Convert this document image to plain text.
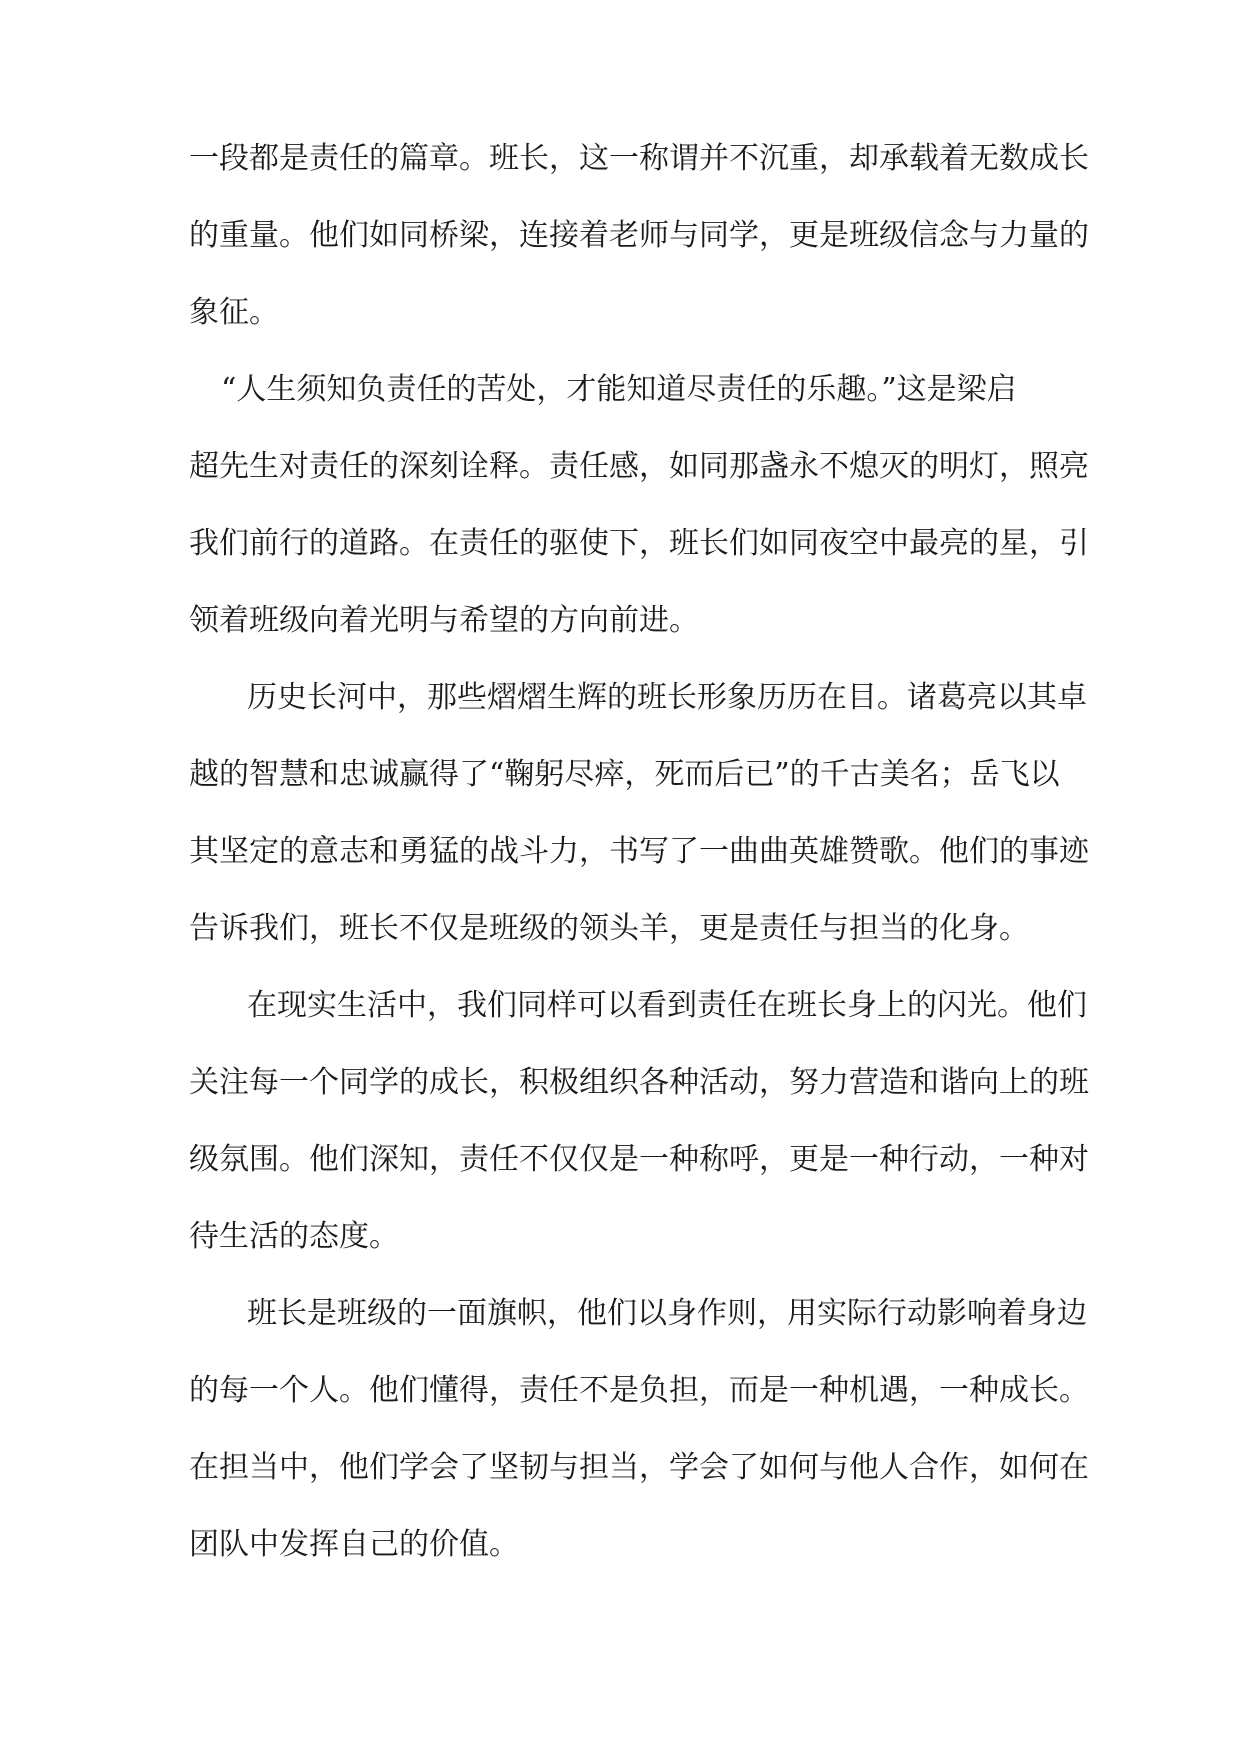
一段都是责任的篇章。班长，这一称谓并不沉重，却承载着无数成长
的重量。他们如同桥梁，连接着老师与同学，更是班级信念与力量的
象征。
“人生须知负责任的苦处，才能知道尽责任的乐趣。”这是梁启
超先生对责任的深刻诠释。责任感，如同那盏永不熄灭的明灯，照亮
我们前行的道路。在责任的驱使下，班长们如同夜空中最亮的星，引
领着班级向着光明与希望的方向前进。
历史长河中，那些熠熠生辉的班长形象历历在目。诸葛亮以其卓
越的智慧和忠诚赢得了“鞠躬尽瘁，死而后已”的千古美名；岳飞以
其坚定的意志和勇猛的战斗力，书写了一曲曲英雄赞歌。他们的事迹
告诉我们，班长不仅是班级的领头羊，更是责任与担当的化身。
在现实生活中，我们同样可以看到责任在班长身上的闪光。他们
关注每一个同学的成长，积极组织各种活动，努力营造和谐向上的班
级氛围。他们深知，责任不仅仅是一种称呼，更是一种行动，一种对
待生活的态度。
班长是班级的一面旗帜，他们以身作则，用实际行动影响着身边
的每一个人。他们懂得，责任不是负担，而是一种机遇，一种成长。
在担当中，他们学会了坚韧与担当，学会了如何与他人合作，如何在
团队中发挥自己的价值。
